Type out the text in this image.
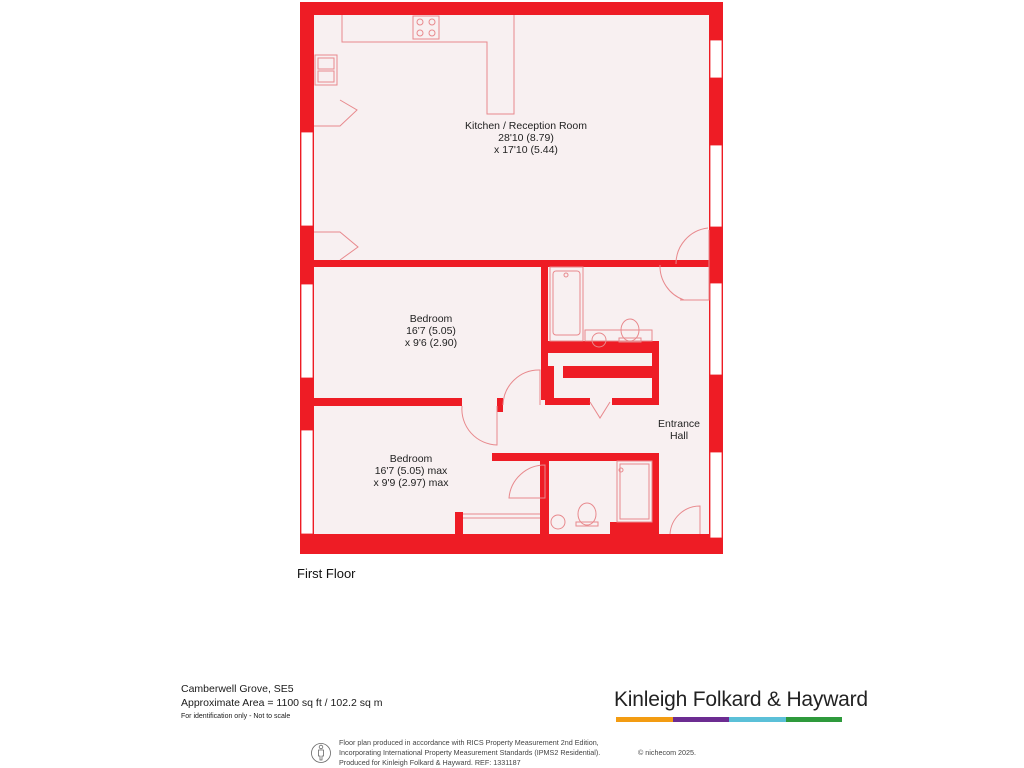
Kitchen / Reception Room
28'10 (8.79)
x 17'10 (5.44)
Bedroom
16'7 (5.05)
x 9'6 (2.90)
Bedroom
16'7 (5.05) max
x 9'9 (2.97) max
Entrance
Hall
First Floor
Camberwell Grove, SE5
Approximate Area = 1100 sq ft / 102.2 sq m
For identification only - Not to scale
Kinleigh Folkard & Hayward
Floor plan produced in accordance with RICS Property Measurement 2nd Edition,
Incorporating International Property Measurement Standards (IPMS2 Residential).
Produced for Kinleigh Folkard & Hayward. REF: 1331187
© nichecom 2025.
